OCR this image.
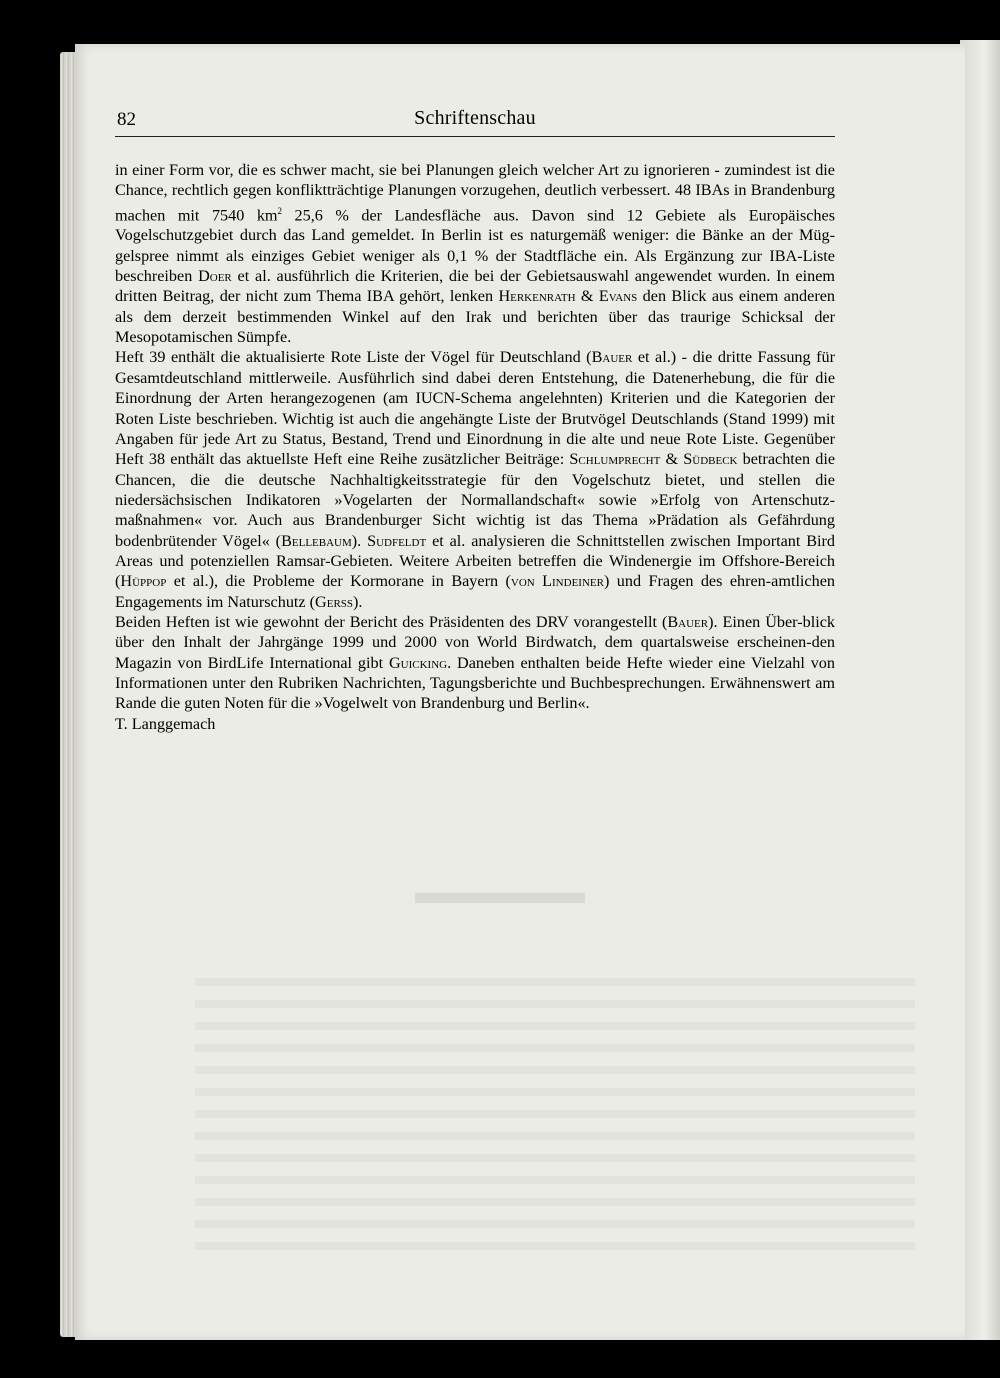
▬▬▬▬▬
82	Schriftenschau

in einer Form vor, die es schwer macht, sie bei Planungen gleich welcher Art zu ignorieren - zumindest ist die Chance, rechtlich gegen konfliktträchtige Planungen vorzugehen, deutlich verbessert. 48 IBAs in Brandenburg machen mit 7540 $km^2$ 25,6 % der Landesfläche aus. Davon sind 12 Gebiete als Europäisches Vogelschutzgebiet durch das Land gemeldet. In Berlin ist es naturgemäß weniger: die Bänke an der Müg-gelspree nimmt als einziges Gebiet weniger als 0,1 % der Stadtfläche ein. Als Ergänzung zur IBA-Liste beschreiben Doer et al. ausführlich die Kriterien, die bei der Gebietsauswahl angewendet wurden. In einem dritten Beitrag, der nicht zum Thema IBA gehört, lenken Herkenrath & Evans den Blick aus einem anderen als dem derzeit bestimmenden Winkel auf den Irak und berichten über das traurige Schicksal der Mesopotamischen Sümpfe.

Heft 39 enthält die aktualisierte Rote Liste der Vögel für Deutschland (Bauer et al.) - die dritte Fassung für Gesamtdeutschland mittlerweile. Ausführlich sind dabei deren Entstehung, die Datenerhebung, die für die Einordnung der Arten herangezogenen (am IUCN-Schema angelehnten) Kriterien und die Kategorien der Roten Liste beschrieben. Wichtig ist auch die angehängte Liste der Brutvögel Deutschlands (Stand 1999) mit Angaben für jede Art zu Status, Bestand, Trend und Einordnung in die alte und neue Rote Liste. Gegenüber Heft 38 enthält das aktuellste Heft eine Reihe zusätzlicher Beiträge: Schlumprecht & Südbeck betrachten die Chancen, die die deutsche Nachhaltigkeitsstrategie für den Vogelschutz bietet, und stellen die niedersächsischen Indikatoren »Vogelarten der Normallandschaft« sowie »Erfolg von Artenschutz-maßnahmen« vor. Auch aus Brandenburger Sicht wichtig ist das Thema »Prädation als Gefährdung bodenbrütender Vögel« (Bellebaum). Sudfeldt et al. analysieren die Schnittstellen zwischen Important Bird Areas und potenziellen Ramsar-Gebieten. Weitere Arbeiten betreffen die Windenergie im Offshore-Bereich (Hüppop et al.), die Probleme der Kormorane in Bayern (von Lindeiner) und Fragen des ehren-amtlichen Engagements im Naturschutz (Gerss).

Beiden Heften ist wie gewohnt der Bericht des Präsidenten des DRV vorangestellt (Bauer). Einen Über-blick über den Inhalt der Jahrgänge 1999 und 2000 von World Birdwatch, dem quartalsweise erscheinen-den Magazin von BirdLife International gibt Guicking. Daneben enthalten beide Hefte wieder eine Vielzahl von Informationen unter den Rubriken Nachrichten, Tagungsberichte und Buchbesprechungen. Erwähnenswert am Rande die guten Noten für die »Vogelwelt von Brandenburg und Berlin«.

T. Langgemach
